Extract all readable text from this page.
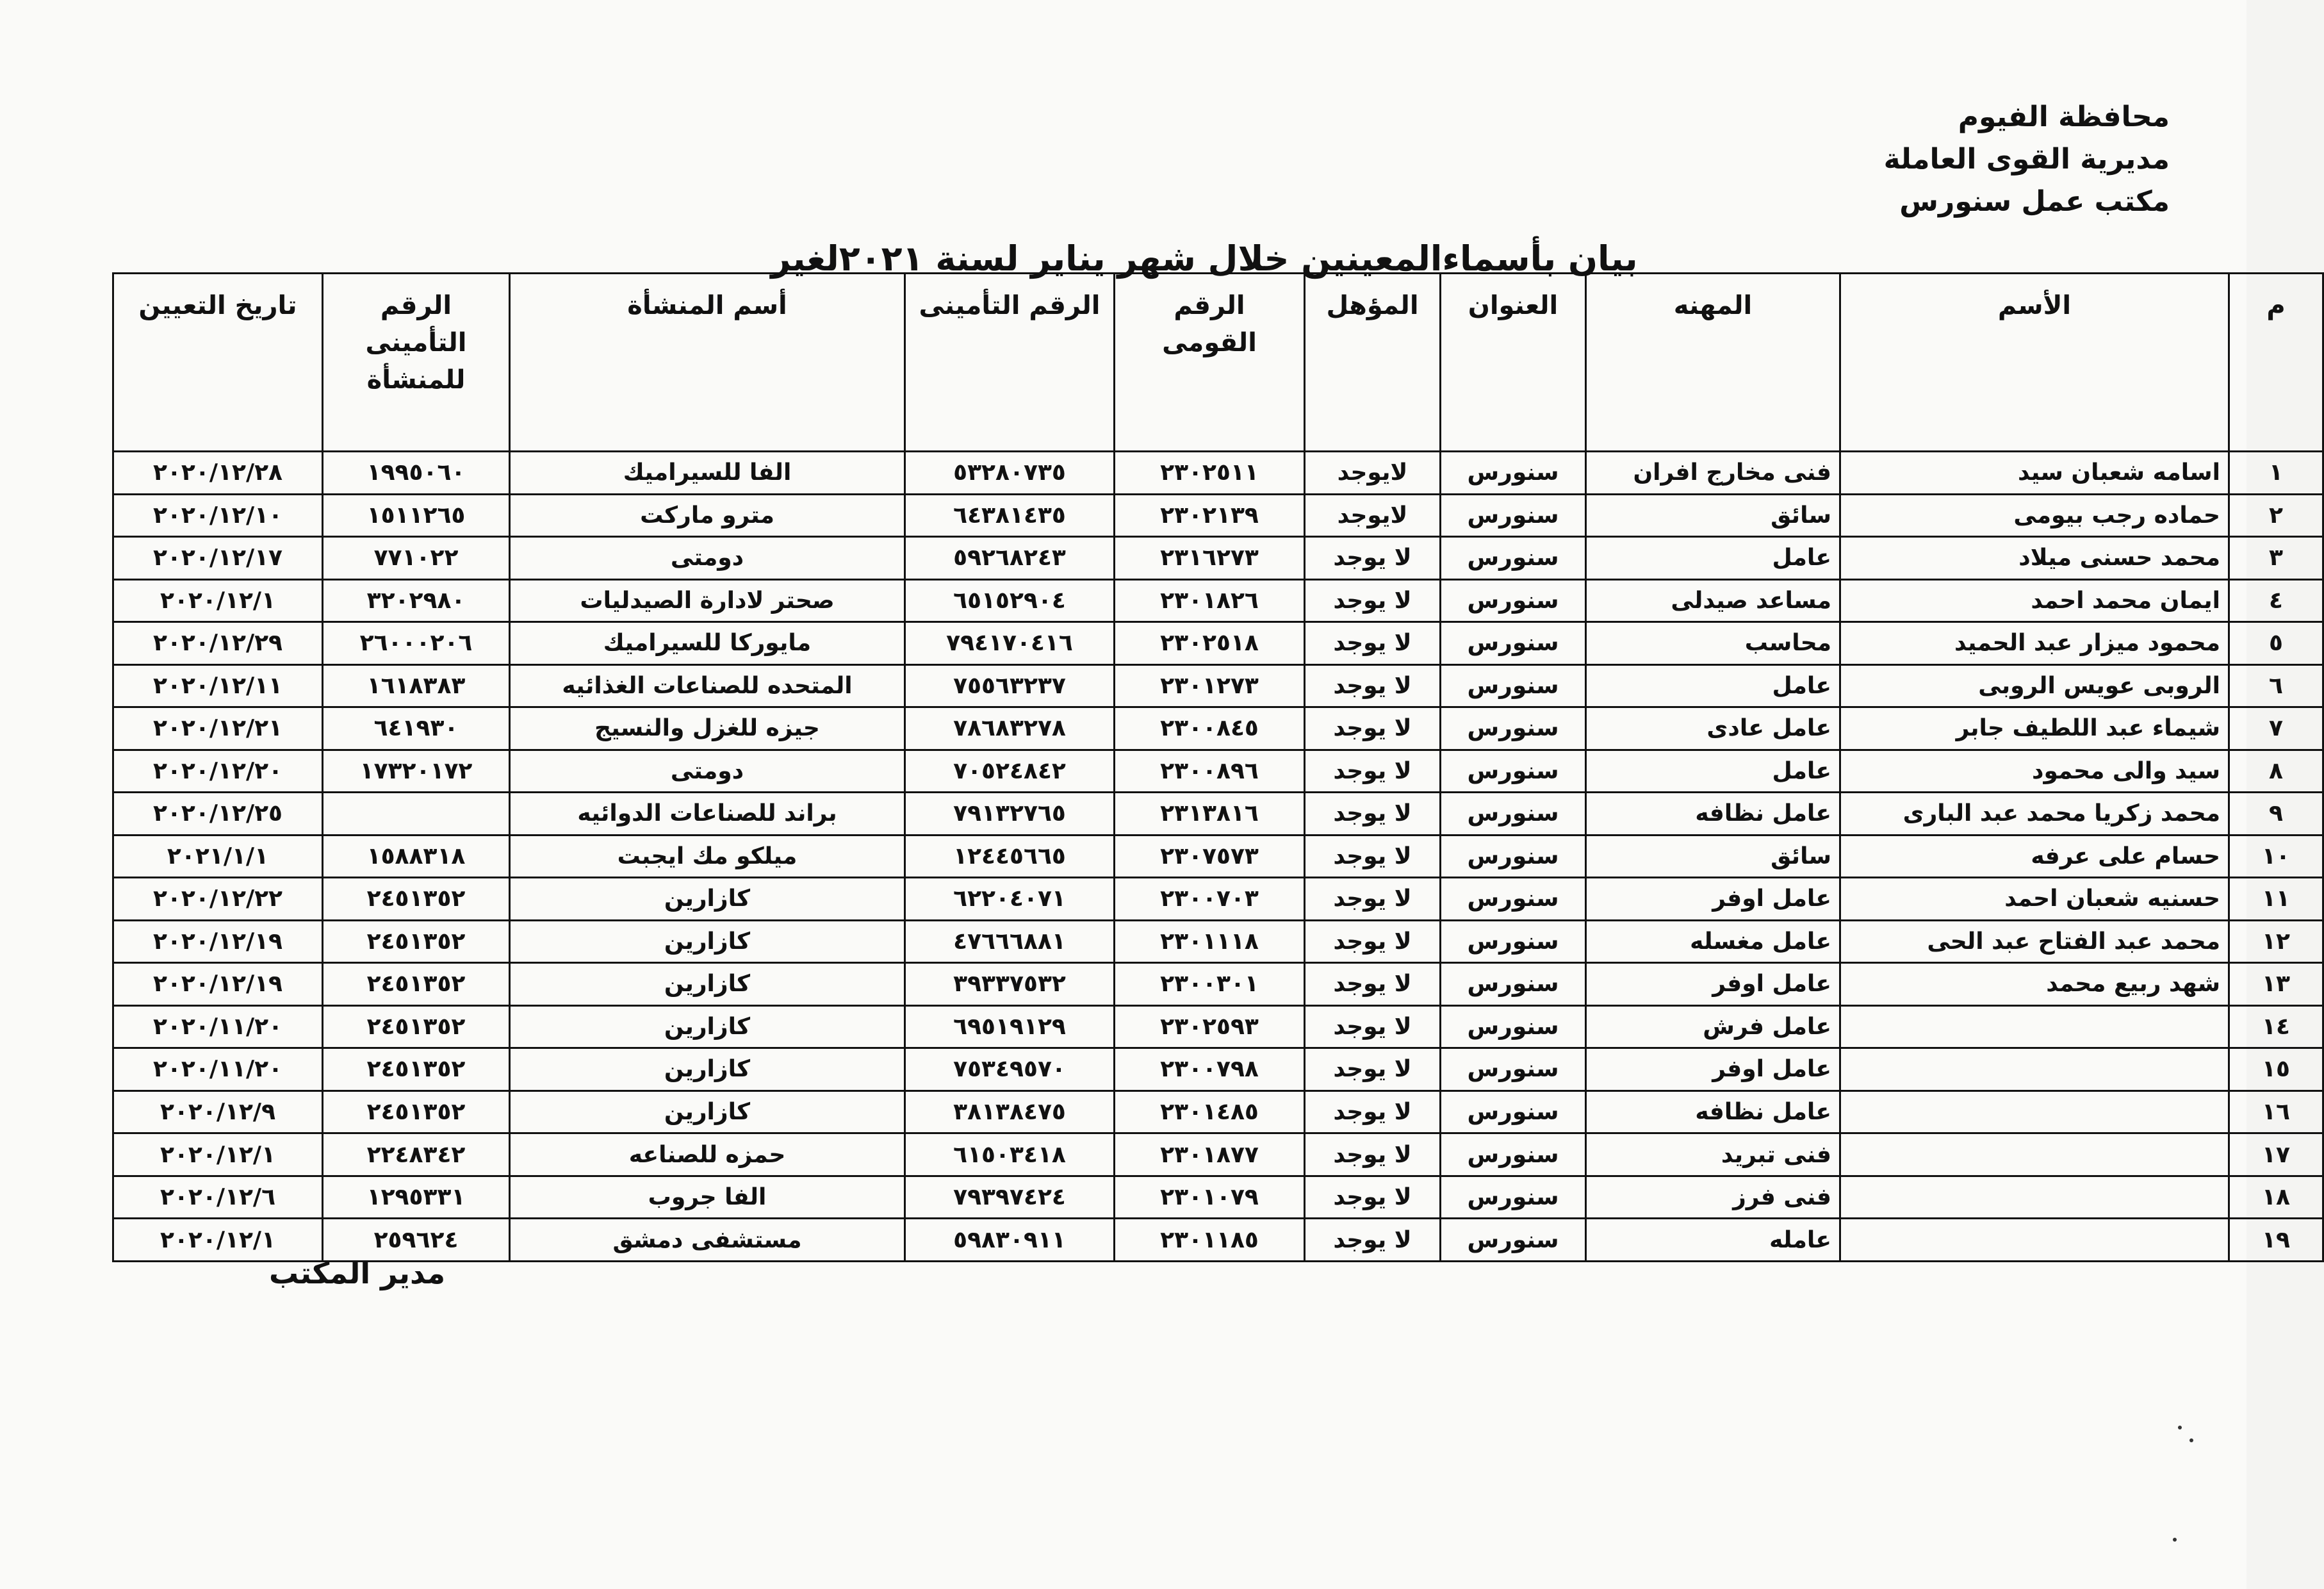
محافظة الفيوم
مديرية القوى العاملة
مكتب عمل سنورس
بيان بأسماءالمعينين خلال شهر يناير لسنة ٢٠٢١لغير
م	الأسم	المهنه	العنوان	المؤهل	الرقم القومى	الرقم التأمينى	أسم المنشأة	الرقم التأمينى للمنشأة	تاريخ التعيين
١	اسامه شعبان سيد	فنى مخارج افران	سنورس	لايوجد	٢٣٠٢٥١١	٥٣٢٨٠٧٣٥	الفا للسيراميك	١٩٩٥٠٦٠	٢٠٢٠/١٢/٢٨
٢	حماده رجب بيومى	سائق	سنورس	لايوجد	٢٣٠٢١٣٩	٦٤٣٨١٤٣٥	مترو ماركت	١٥١١٢٦٥	٢٠٢٠/١٢/١٠
٣	محمد حسنى ميلاد	عامل	سنورس	لا يوجد	٢٣١٦٢٧٣	٥٩٢٦٨٢٤٣	دومتى	٧٧١٠٢٢	٢٠٢٠/١٢/١٧
٤	ايمان محمد احمد	مساعد صيدلى	سنورس	لا يوجد	٢٣٠١٨٢٦	٦٥١٥٢٩٠٤	صحتر لادارة الصيدليات	٣٢٠٢٩٨٠	٢٠٢٠/١٢/١
٥	محمود ميزار عبد الحميد	محاسب	سنورس	لا يوجد	٢٣٠٢٥١٨	٧٩٤١٧٠٤١٦	مايوركا للسيراميك	٢٦٠٠٠٢٠٦	٢٠٢٠/١٢/٢٩
٦	الروبى عويس الروبى	عامل	سنورس	لا يوجد	٢٣٠١٢٧٣	٧٥٥٦٣٢٣٧	المتحده للصناعات الغذائيه	١٦١٨٣٨٣	٢٠٢٠/١٢/١١
٧	شيماء عبد اللطيف جابر	عامل عادى	سنورس	لا يوجد	٢٣٠٠٨٤٥	٧٨٦٨٣٢٧٨	جيزه للغزل والنسيج	٦٤١٩٣٠	٢٠٢٠/١٢/٢١
٨	سيد والى محمود	عامل	سنورس	لا يوجد	٢٣٠٠٨٩٦	٧٠٥٢٤٨٤٢	دومتى	١٧٣٢٠١٧٢	٢٠٢٠/١٢/٢٠
٩	محمد زكريا محمد عبد البارى	عامل نظافه	سنورس	لا يوجد	٢٣١٣٨١٦	٧٩١٣٢٧٦٥	براند للصناعات الدوائيه		٢٠٢٠/١٢/٢٥
١٠	حسام على عرفه	سائق	سنورس	لا يوجد	٢٣٠٧٥٧٣	١٢٤٤٥٦٦٥	ميلكو مك ايجبت	١٥٨٨٣١٨	٢٠٢١/١/١
١١	حسنيه شعبان احمد	عامل اوفر	سنورس	لا يوجد	٢٣٠٠٧٠٣	٦٢٢٠٤٠٧١	كازارين	٢٤٥١٣٥٢	٢٠٢٠/١٢/٢٢
١٢	محمد عبد الفتاح عبد الحى	عامل مغسله	سنورس	لا يوجد	٢٣٠١١١٨	٤٧٦٦٦٨٨١	كازارين	٢٤٥١٣٥٢	٢٠٢٠/١٢/١٩
١٣	شهد ربيع محمد	عامل اوفر	سنورس	لا يوجد	٢٣٠٠٣٠١	٣٩٣٣٧٥٣٢	كازارين	٢٤٥١٣٥٢	٢٠٢٠/١٢/١٩
١٤		عامل فرش	سنورس	لا يوجد	٢٣٠٢٥٩٣	٦٩٥١٩١٢٩	كازارين	٢٤٥١٣٥٢	٢٠٢٠/١١/٢٠
١٥		عامل اوفر	سنورس	لا يوجد	٢٣٠٠٧٩٨	٧٥٣٤٩٥٧٠	كازارين	٢٤٥١٣٥٢	٢٠٢٠/١١/٢٠
١٦		عامل نظافه	سنورس	لا يوجد	٢٣٠١٤٨٥	٣٨١٣٨٤٧٥	كازارين	٢٤٥١٣٥٢	٢٠٢٠/١٢/٩
١٧		فنى تبريد	سنورس	لا يوجد	٢٣٠١٨٧٧	٦١٥٠٣٤١٨	حمزه للصناعه	٢٢٤٨٣٤٢	٢٠٢٠/١٢/١
١٨		فنى فرز	سنورس	لا يوجد	٢٣٠١٠٧٩	٧٩٣٩٧٤٢٤	الفا جروب	١٢٩٥٣٣١	٢٠٢٠/١٢/٦
١٩		عامله	سنورس	لا يوجد	٢٣٠١١٨٥	٥٩٨٣٠٩١١	مستشفى دمشق	٢٥٩٦٢٤	٢٠٢٠/١٢/١
مدير المكتب
